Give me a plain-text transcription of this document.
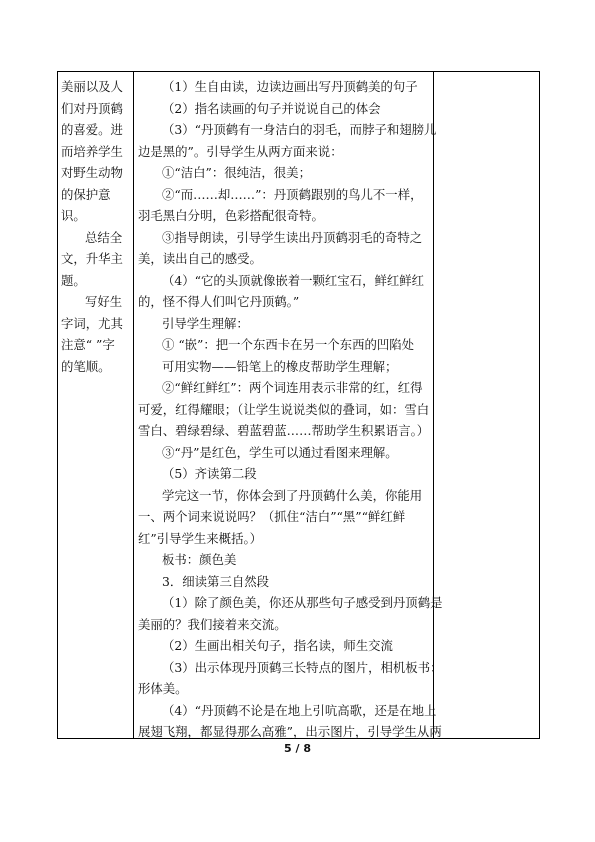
美丽以及人

们对丹顶鹤

的喜爱。进

而培养学生

对野生动物

的保护意

识。

总结全

文，升华主

题。

写好生

字词，尤其

注意“ ”字

的笔顺。

（1）生自由读，边读边画出写丹顶鹤美的句子

（2）指名读画的句子并说说自己的体会

（3）“丹顶鹤有一身洁白的羽毛，而脖子和翅膀儿

边是黑的”。引导学生从两方面来说：

①“洁白”：很纯洁，很美；

②“而……却……”：丹顶鹤跟别的鸟儿不一样，

羽毛黑白分明，色彩搭配很奇特。

③指导朗读，引导学生读出丹顶鹤羽毛的奇特之

美，读出自己的感受。

（4）“它的头顶就像嵌着一颗红宝石，鲜红鲜红

的，怪不得人们叫它丹顶鹤。”

引导学生理解：

① “嵌”：把一个东西卡在另一个东西的凹陷处

可用实物——铅笔上的橡皮帮助学生理解；

②“鲜红鲜红”：两个词连用表示非常的红，红得

可爱，红得耀眼；（让学生说说类似的叠词，如：雪白

雪白、碧绿碧绿、碧蓝碧蓝……帮助学生积累语言。）

③“丹”是红色，学生可以通过看图来理解。

（5）齐读第二段

学完这一节，你体会到了丹顶鹤什么美，你能用

一、两个词来说说吗？（抓住“洁白”“黑”“鲜红鲜

红”引导学生来概括。）

板书：颜色美

3．细读第三自然段

（1）除了颜色美，你还从那些句子感受到丹顶鹤是

美丽的？我们接着来交流。

（2）生画出相关句子，指名读，师生交流

（3）出示体现丹顶鹤三长特点的图片，相机板书：

形体美。

（4）“丹顶鹤不论是在地上引吭高歌，还是在地上

展翅飞翔，都显得那么高雅”，出示图片，引导学生从两

5 / 8
